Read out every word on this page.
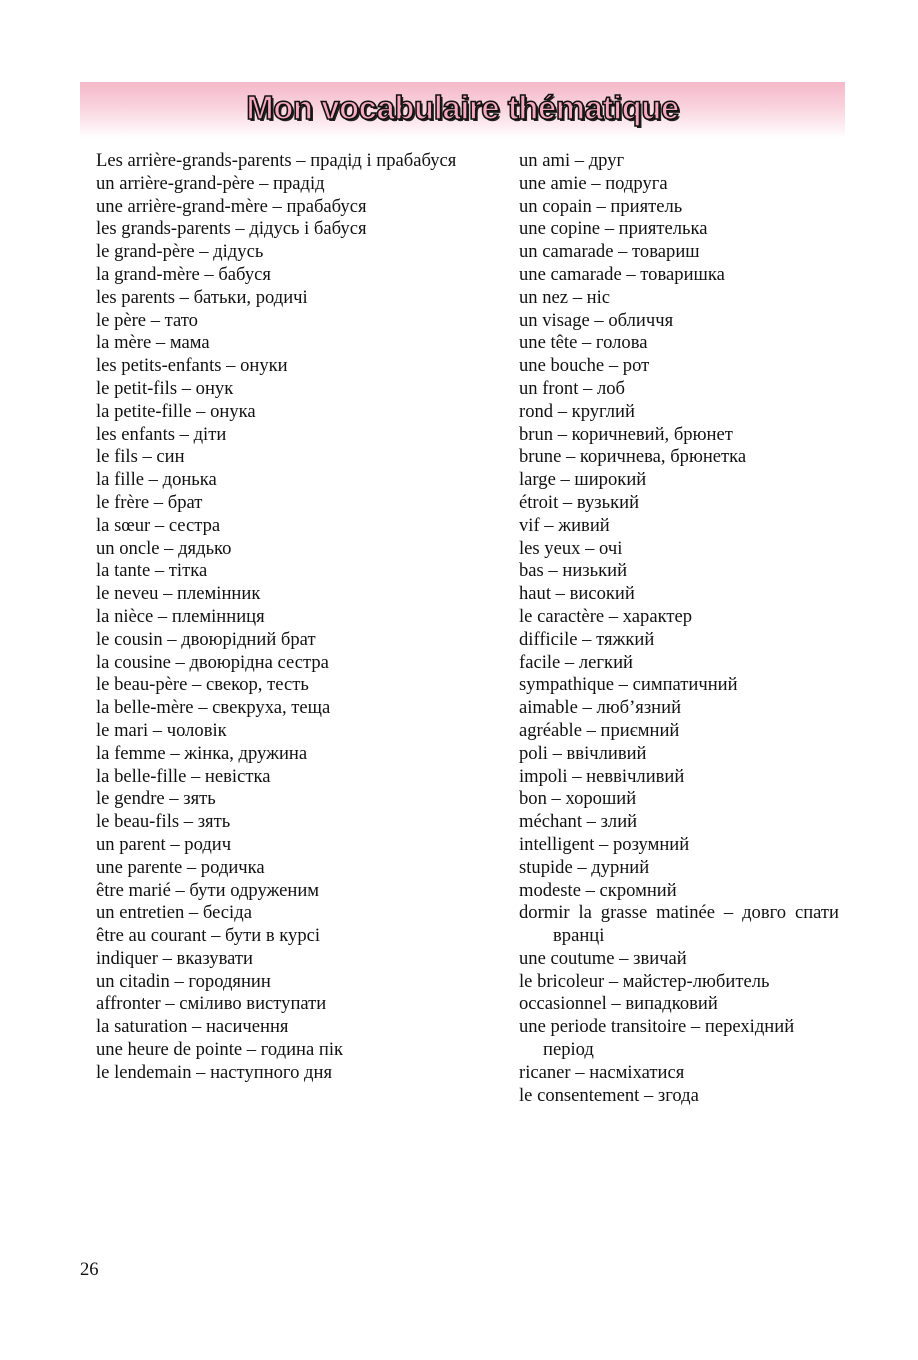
Mon vocabulaire thématique
Les arrière-grands-parents – прадід і прабабуся
un arrière-grand-père – прадід
une arrière-grand-mère – прабабуся
les grands-parents – дідусь і бабуся
le grand-père – дідусь
la grand-mère – бабуся
les parents – батьки, родичі
le père – тато
la mère – мама
les petits-enfants – онуки
le petit-fils – онук
la petite-fille – онука
les enfants – діти
le fils – син
la fille – донька
le frère – брат
la sœur – сестра
un oncle – дядько
la tante – тітка
le neveu – племінник
la nièce – племінниця
le cousin – двоюрідний брат
la cousine – двоюрідна сестра
le beau-père – свекор, тесть
la belle-mère – свекруха, теща
le mari – чоловік
la femme – жінка, дружина
la belle-fille – невістка
le gendre – зять
le beau-fils – зять
un parent – родич
une parente – родичка
être marié – бути одруженим
un entretien – бесіда
être au courant – бути в курсі
indiquer – вказувати
un citadin – городянин
affronter – сміливо виступати
la saturation – насичення
une heure de pointe – година пік
le lendemain – наступного дня
un ami – друг
une amie – подруга
un copain – приятель
une copine – приятелька
un camarade – товариш
une camarade – товаришка
un nez – ніс
un visage – обличчя
une tête – голова
une bouche – рот
un front – лоб
rond – круглий
brun – коричневий, брюнет
brune – коричнева, брюнетка
large – широкий
étroit – вузький
vif – живий
les yeux – очі
bas – низький
haut – високий
le caractère – характер
difficile – тяжкий
facile – легкий
sympathique – симпатичний
aimable – люб’язний
agréable – приємний
poli – ввічливий
impoli – неввічливий
bon – хороший
méchant – злий
intelligent – розумний
stupide – дурний
modeste – скромний
dormir la grasse matinée – довго спати вранці
une coutume – звичай
le bricoleur – майстер-любитель
occasionnel – випадковий
une periode transitoire – перехідний період
ricaner – насміхатися
le consentement – згода
26
